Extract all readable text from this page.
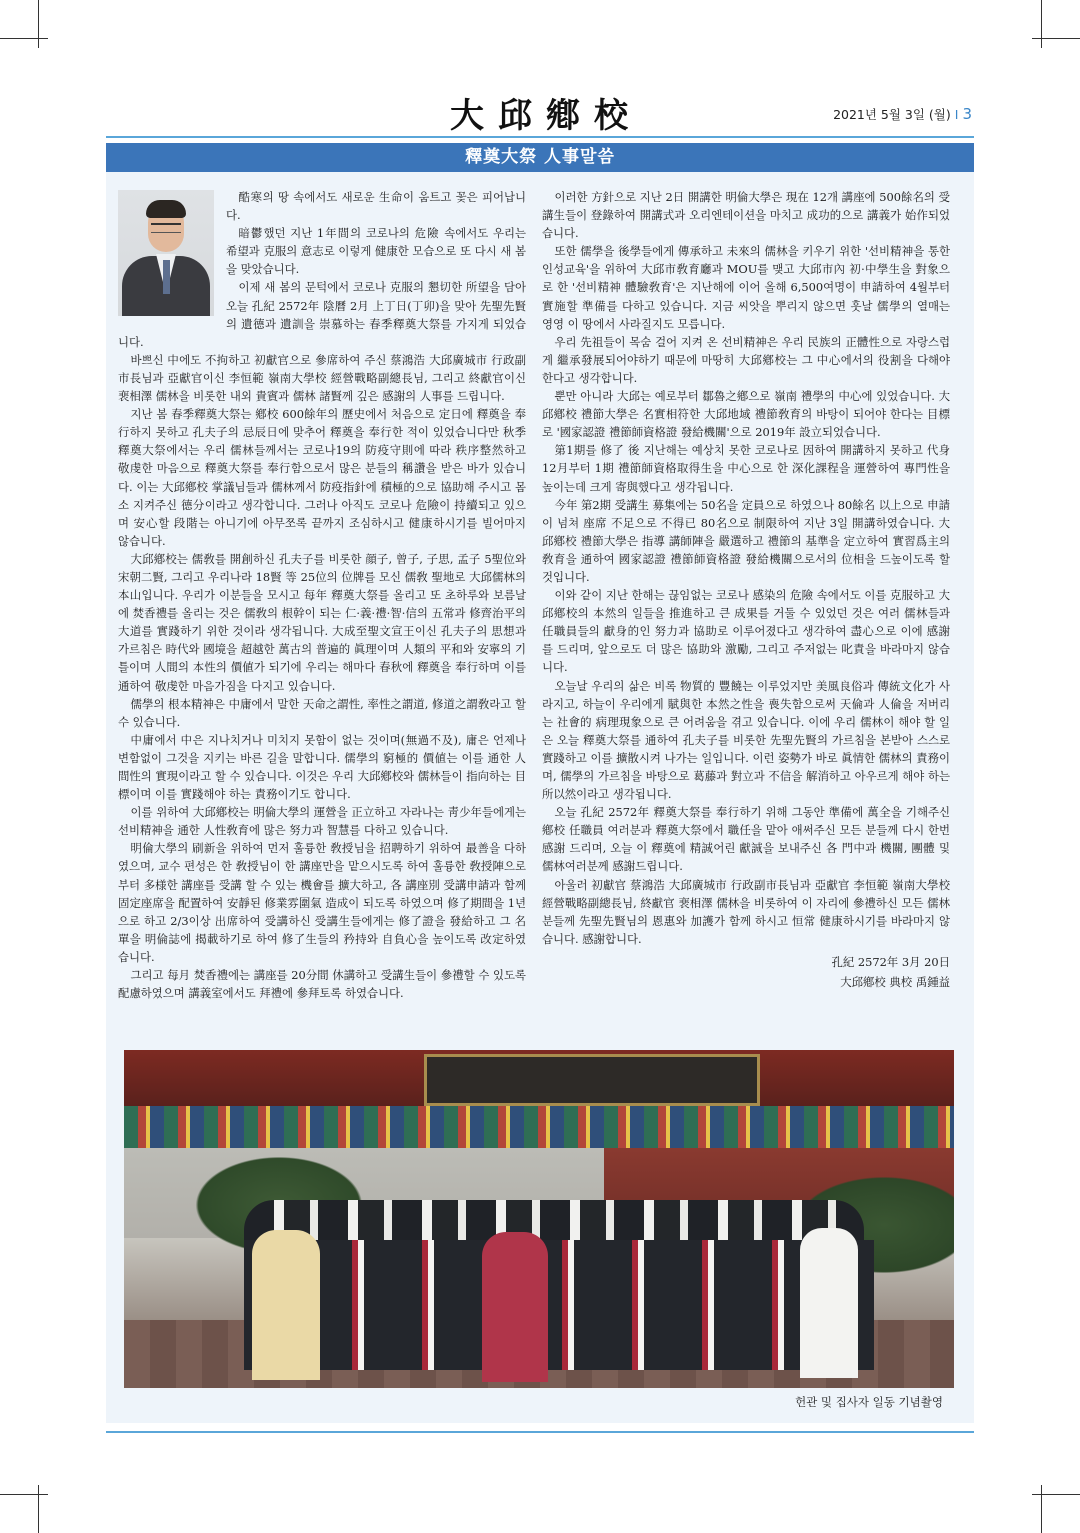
大邱鄕校	2021년 5월 3일 (월) I 3
釋奠大祭 人事말씀

酷寒의 땅 속에서도 새로운 生命이 움트고 꽃은 피어납니다.

暗鬱했던 지난 1年間의 코로나의 危險 속에서도 우리는 希望과 克服의 意志로 이렇게 健康한 모습으로 또 다시 새 봄을 맞았습니다.

이제 새 봄의 문턱에서 코로나 克服의 懇切한 所望을 담아 오늘 孔紀 2572年 陰曆 2月 上丁日(丁卯)을 맞아 先聖先賢의 遺德과 遺訓을 崇慕하는 春季釋奠大祭를 가지게 되었습니다.

바쁘신 中에도 不拘하고 初獻官으로 參席하여 주신 蔡鴻浩 大邱廣城市 行政副市長님과 亞獻官이신 李恒範 嶺南大學校 經營戰略副總長님, 그리고 終獻官이신 裵相澤 儒林을 비롯한 내외 貴賓과 儒林 諸賢께 깊은 感謝의 人事를 드립니다.

지난 봄 春季釋奠大祭는 鄕校 600餘年의 歷史에서 처음으로 定日에 釋奠을 奉行하지 못하고 孔夫子의 忌辰日에 맞추어 釋奠을 奉行한 적이 있었습니다만 秋季釋奠大祭에서는 우리 儒林들께서는 코로나19의 防疫守則에 따라 秩序整然하고 敬虔한 마음으로 釋奠大祭를 奉行함으로서 많은 분들의 稱讚을 받은 바가 있습니다. 이는 大邱鄕校 掌議님들과 儒林께서 防疫指針에 積極的으로 協助해 주시고 몸소 지켜주신 德分이라고 생각합니다. 그러나 아직도 코로나 危險이 持續되고 있으며 安心할 段階는 아니기에 아무쪼록 끝까지 조심하시고 健康하시기를 빌어마지 않습니다.

大邱鄕校는 儒敎를 開創하신 孔夫子를 비롯한 顔子, 曾子, 子思, 孟子 5聖位와 宋朝二賢, 그리고 우리나라 18賢 等 25位의 位牌를 모신 儒敎 聖地로 大邱儒林의 本山입니다. 우리가 이분들을 모시고 每年 釋奠大祭를 올리고 또 초하루와 보름날에 焚香禮를 올리는 것은 儒敎의 根幹이 되는 仁·義·禮·智·信의 五常과 修齊治平의 大道를 實踐하기 위한 것이라 생각됩니다. 大成至聖文宣王이신 孔夫子의 思想과 가르침은 時代와 國境을 超越한 萬古의 普遍的 眞理이며 人類의 平和와 安寧의 기틀이며 人間의 本性의 價値가 되기에 우리는 해마다 春秋에 釋奠을 奉行하며 이를 通하여 敬虔한 마음가짐을 다지고 있습니다.

儒學의 根本精神은 中庸에서 말한 天命之謂性, 率性之謂道, 修道之謂敎라고 할 수 있습니다.

中庸에서 中은 지나치거나 미치지 못함이 없는 것이며(無過不及), 庸은 언제나 변함없이 그것을 지키는 바른 길을 말합니다. 儒學의 窮極的 價値는 이를 通한 人間性의 實現이라고 할 수 있습니다. 이것은 우리 大邱鄕校와 儒林들이 指向하는 目標이며 이를 實踐해야 하는 責務이기도 합니다.

이를 위하여 大邱鄕校는 明倫大學의 運營을 正立하고 자라나는 靑少年들에게는 선비精神을 通한 人性敎育에 많은 努力과 智慧를 다하고 있습니다.

明倫大學의 刷新을 위하여 먼저 훌륭한 敎授님을 招聘하기 위하여 最善을 다하였으며, 교수 편성은 한 敎授님이 한 講座만을 맡으시도록 하여 훌륭한 敎授陣으로부터 多様한 講座를 受講 할 수 있는 機會를 擴大하고, 各 講座別 受講申請과 함께 固定座席을 配置하여 安靜된 修業雰圍氣 造成이 되도록 하였으며 修了期間을 1년으로 하고 2/3이상 出席하여 受講하신 受講生들에게는 修了證을 發給하고 그 名單을 明倫誌에 揭載하기로 하여 修了生들의 矜持와 自負心을 높이도록 改定하였습니다.

그리고 每月 焚香禮에는 講座를 20分間 休講하고 受講生들이 參禮할 수 있도록 配慮하였으며 講義室에서도 拜禮에 參拜토록 하였습니다.

이러한 方針으로 지난 2日 開講한 明倫大學은 現在 12개 講座에 500餘名의 受講生들이 登錄하여 開講式과 오리엔테이션을 마치고 成功的으로 講義가 始作되었습니다.

또한 儒學을 後學들에게 傳承하고 未來의 儒林을 키우기 위한 '선비精神을 통한 인성교육'을 위하여 大邱市敎育廳과 MOU를 맺고 大邱市內 初·中學生을 對象으로 한 '선비精神 體驗敎育'은 지난해에 이어 올해 6,500여명이 申請하여 4월부터 實施할 準備를 다하고 있습니다. 지금 씨앗을 뿌리지 않으면 훗날 儒學의 열매는 영영 이 땅에서 사라질지도 모릅니다.

우리 先祖들이 목숨 걸어 지켜 온 선비精神은 우리 民族의 正體性으로 자랑스럽게 繼承發展되어야하기 때문에 마땅히 大邱鄕校는 그 中心에서의 役割을 다해야 한다고 생각합니다.

뿐만 아니라 大邱는 예로부터 鄒魯之鄕으로 嶺南 禮學의 中心에 있었습니다. 大邱鄕校 禮節大學은 名實相符한 大邱地域 禮節敎育의 바탕이 되어야 한다는 目標로 '國家認證 禮節師資格證 發給機關'으로 2019年 設立되었습니다.

第1期를 修了 後 지난해는 예상치 못한 코로나로 因하여 開講하지 못하고 代身 12月부터 1期 禮節師資格取得生을 中心으로 한 深化課程을 運營하여 專門性을 높이는데 크게 寄與했다고 생각됩니다.

今年 第2期 受講生 募集에는 50名을 定員으로 하였으나 80餘名 以上으로 申請이 넘쳐 座席 不足으로 不得已 80名으로 制限하여 지난 3일 開講하였습니다. 大邱鄕校 禮節大學은 指導 講師陣을 嚴選하고 禮節의 基準을 定立하여 實習爲主의 敎育을 通하여 國家認證 禮節師資格證 發給機關으로서의 位相을 드높이도록 할 것입니다.

이와 같이 지난 한해는 끊임없는 코로나 感染의 危險 속에서도 이를 克服하고 大邱鄕校의 本然의 일들을 推進하고 큰 成果를 거둘 수 있었던 것은 여러 儒林들과 任職員들의 獻身的인 努力과 協助로 이루어졌다고 생각하여 盡心으로 이에 感謝를 드리며, 앞으로도 더 많은 協助와 激勵, 그리고 주저없는 叱責을 바라마지 않습니다.

오늘날 우리의 삶은 비록 物質的 豐饒는 이루었지만 美風良俗과 傳統文化가 사라지고, 하늘이 우리에게 賦與한 本然之性을 喪失함으로써 天倫과 人倫을 저버리는 社會的 病理現象으로 큰 어려움을 겪고 있습니다. 이에 우리 儒林이 해야 할 일은 오늘 釋奠大祭를 通하여 孔夫子를 비롯한 先聖先賢의 가르침을 본받아 스스로 實踐하고 이를 擴散시켜 나가는 일입니다. 이런 姿勢가 바로 眞情한 儒林의 責務이며, 儒學의 가르침을 바탕으로 葛藤과 對立과 不信을 解消하고 아우르게 해야 하는 所以然이라고 생각됩니다.

오늘 孔紀 2572年 釋奠大祭를 奉行하기 위해 그동안 準備에 萬全을 기해주신 鄕校 任職員 여러분과 釋奠大祭에서 職任을 맡아 애써주신 모든 분들께 다시 한번 感謝 드리며, 오늘 이 釋奠에 精誠어린 獻誠을 보내주신 各 門中과 機關, 團體 및 儒林여러분께 感謝드립니다.

아울러 初獻官 蔡鴻浩 大邱廣城市 行政副市長님과 亞獻官 李恒範 嶺南大學校 經營戰略副總長님, 終獻官 裵相澤 儒林을 비롯하여 이 자리에 參禮하신 모든 儒林분들께 先聖先賢님의 恩惠와 加護가 함께 하시고 恒常 健康하시기를 바라마지 않습니다. 感謝합니다.

孔紀 2572年 3月 20日
大邱鄕校 典校 禹鍾益
헌관 및 집사자 일동 기념촬영
